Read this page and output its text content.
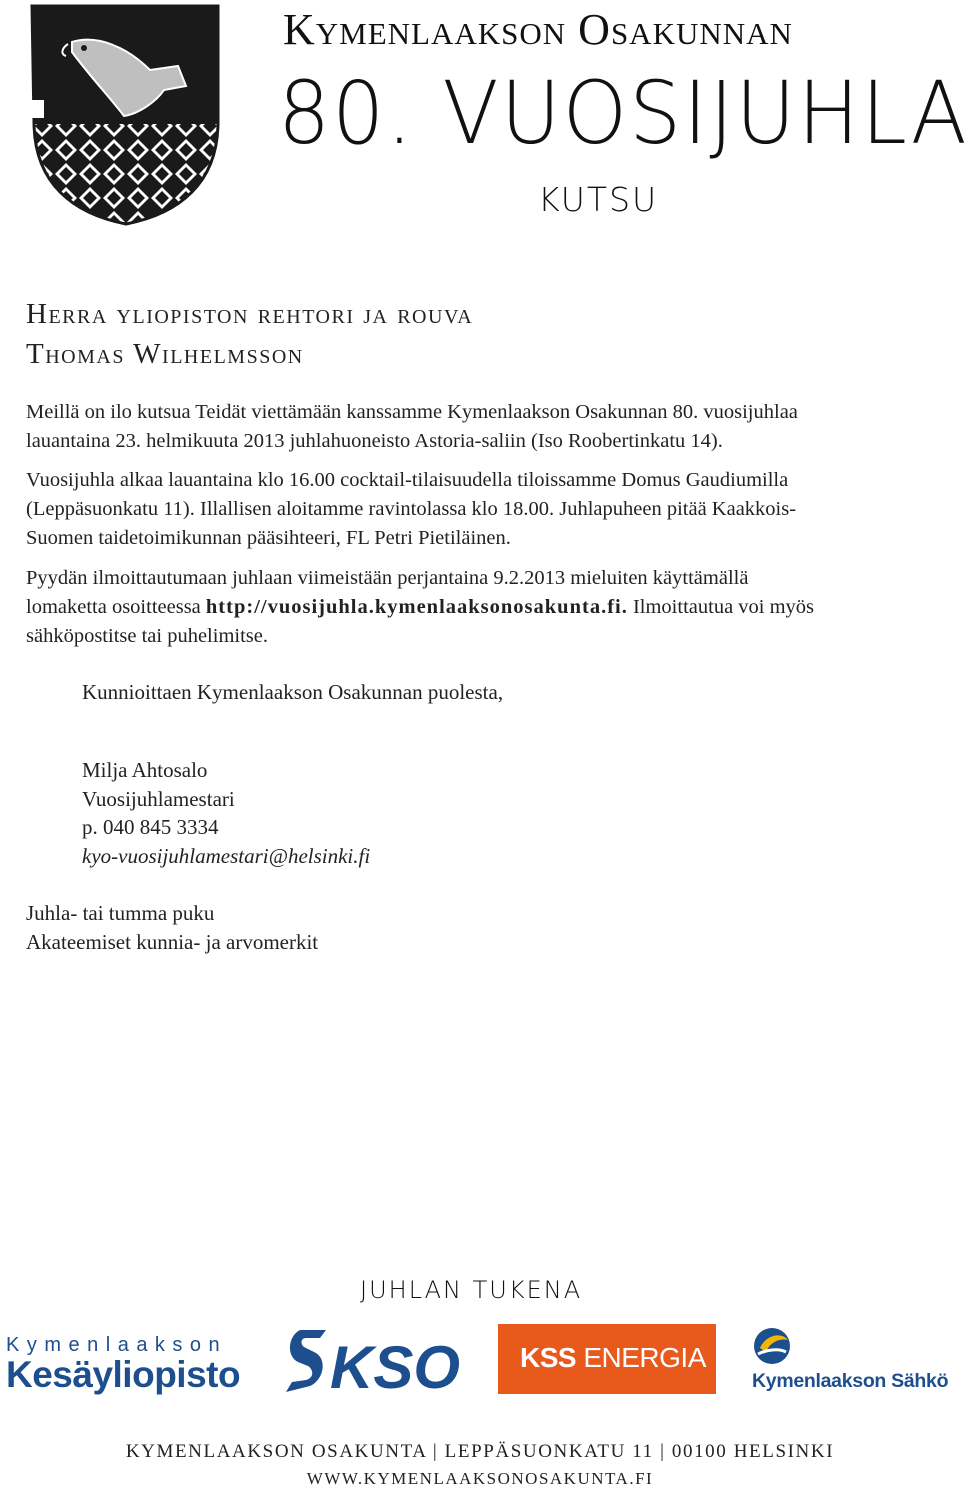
Kymenlaakson Osakunnan
80. VUOSIJUHLA
KUTSU
Herra yliopiston rehtori ja rouva
Thomas Wilhelmsson
Meillä on ilo kutsua Teidät viettämään kanssamme Kymenlaakson Osakunnan 80. vuosijuhlaa
lauantaina 23. helmikuuta 2013 juhlahuoneisto Astoria-saliin (Iso Roobertinkatu 14).
Vuosijuhla alkaa lauantaina klo 16.00 cocktail-tilaisuudella tiloissamme Domus Gaudiumilla
(Leppäsuonkatu 11). Illallisen aloitamme ravintolassa klo 18.00. Juhlapuheen pitää Kaakkois-
Suomen taidetoimikunnan pääsihteeri, FL Petri Pietiläinen.
Pyydän ilmoittautumaan juhlaan viimeistään perjantaina 9.2.2013 mieluiten käyttämällä
lomaketta osoitteessa http://vuosijuhla.kymenlaaksonosakunta.fi. Ilmoittautua voi myös
sähköpostitse tai puhelimitse.
Kunnioittaen Kymenlaakson Osakunnan puolesta,
Milja Ahtosalo
Vuosijuhlamestari
p. 040 845 3334
kyo-vuosijuhlamestari@helsinki.fi
Juhla- tai tumma puku
Akateemiset kunnia- ja arvomerkit
JUHLAN TUKENA
Kymenlaakson
Kesäyliopisto KSO KSS ENERGIA
Kymenlaakson Sähkö
KYMENLAAKSON OSAKUNTA | LEPPÄSUONKATU 11 | 00100 HELSINKI
WWW.KYMENLAAKSONOSAKUNTA.FI
